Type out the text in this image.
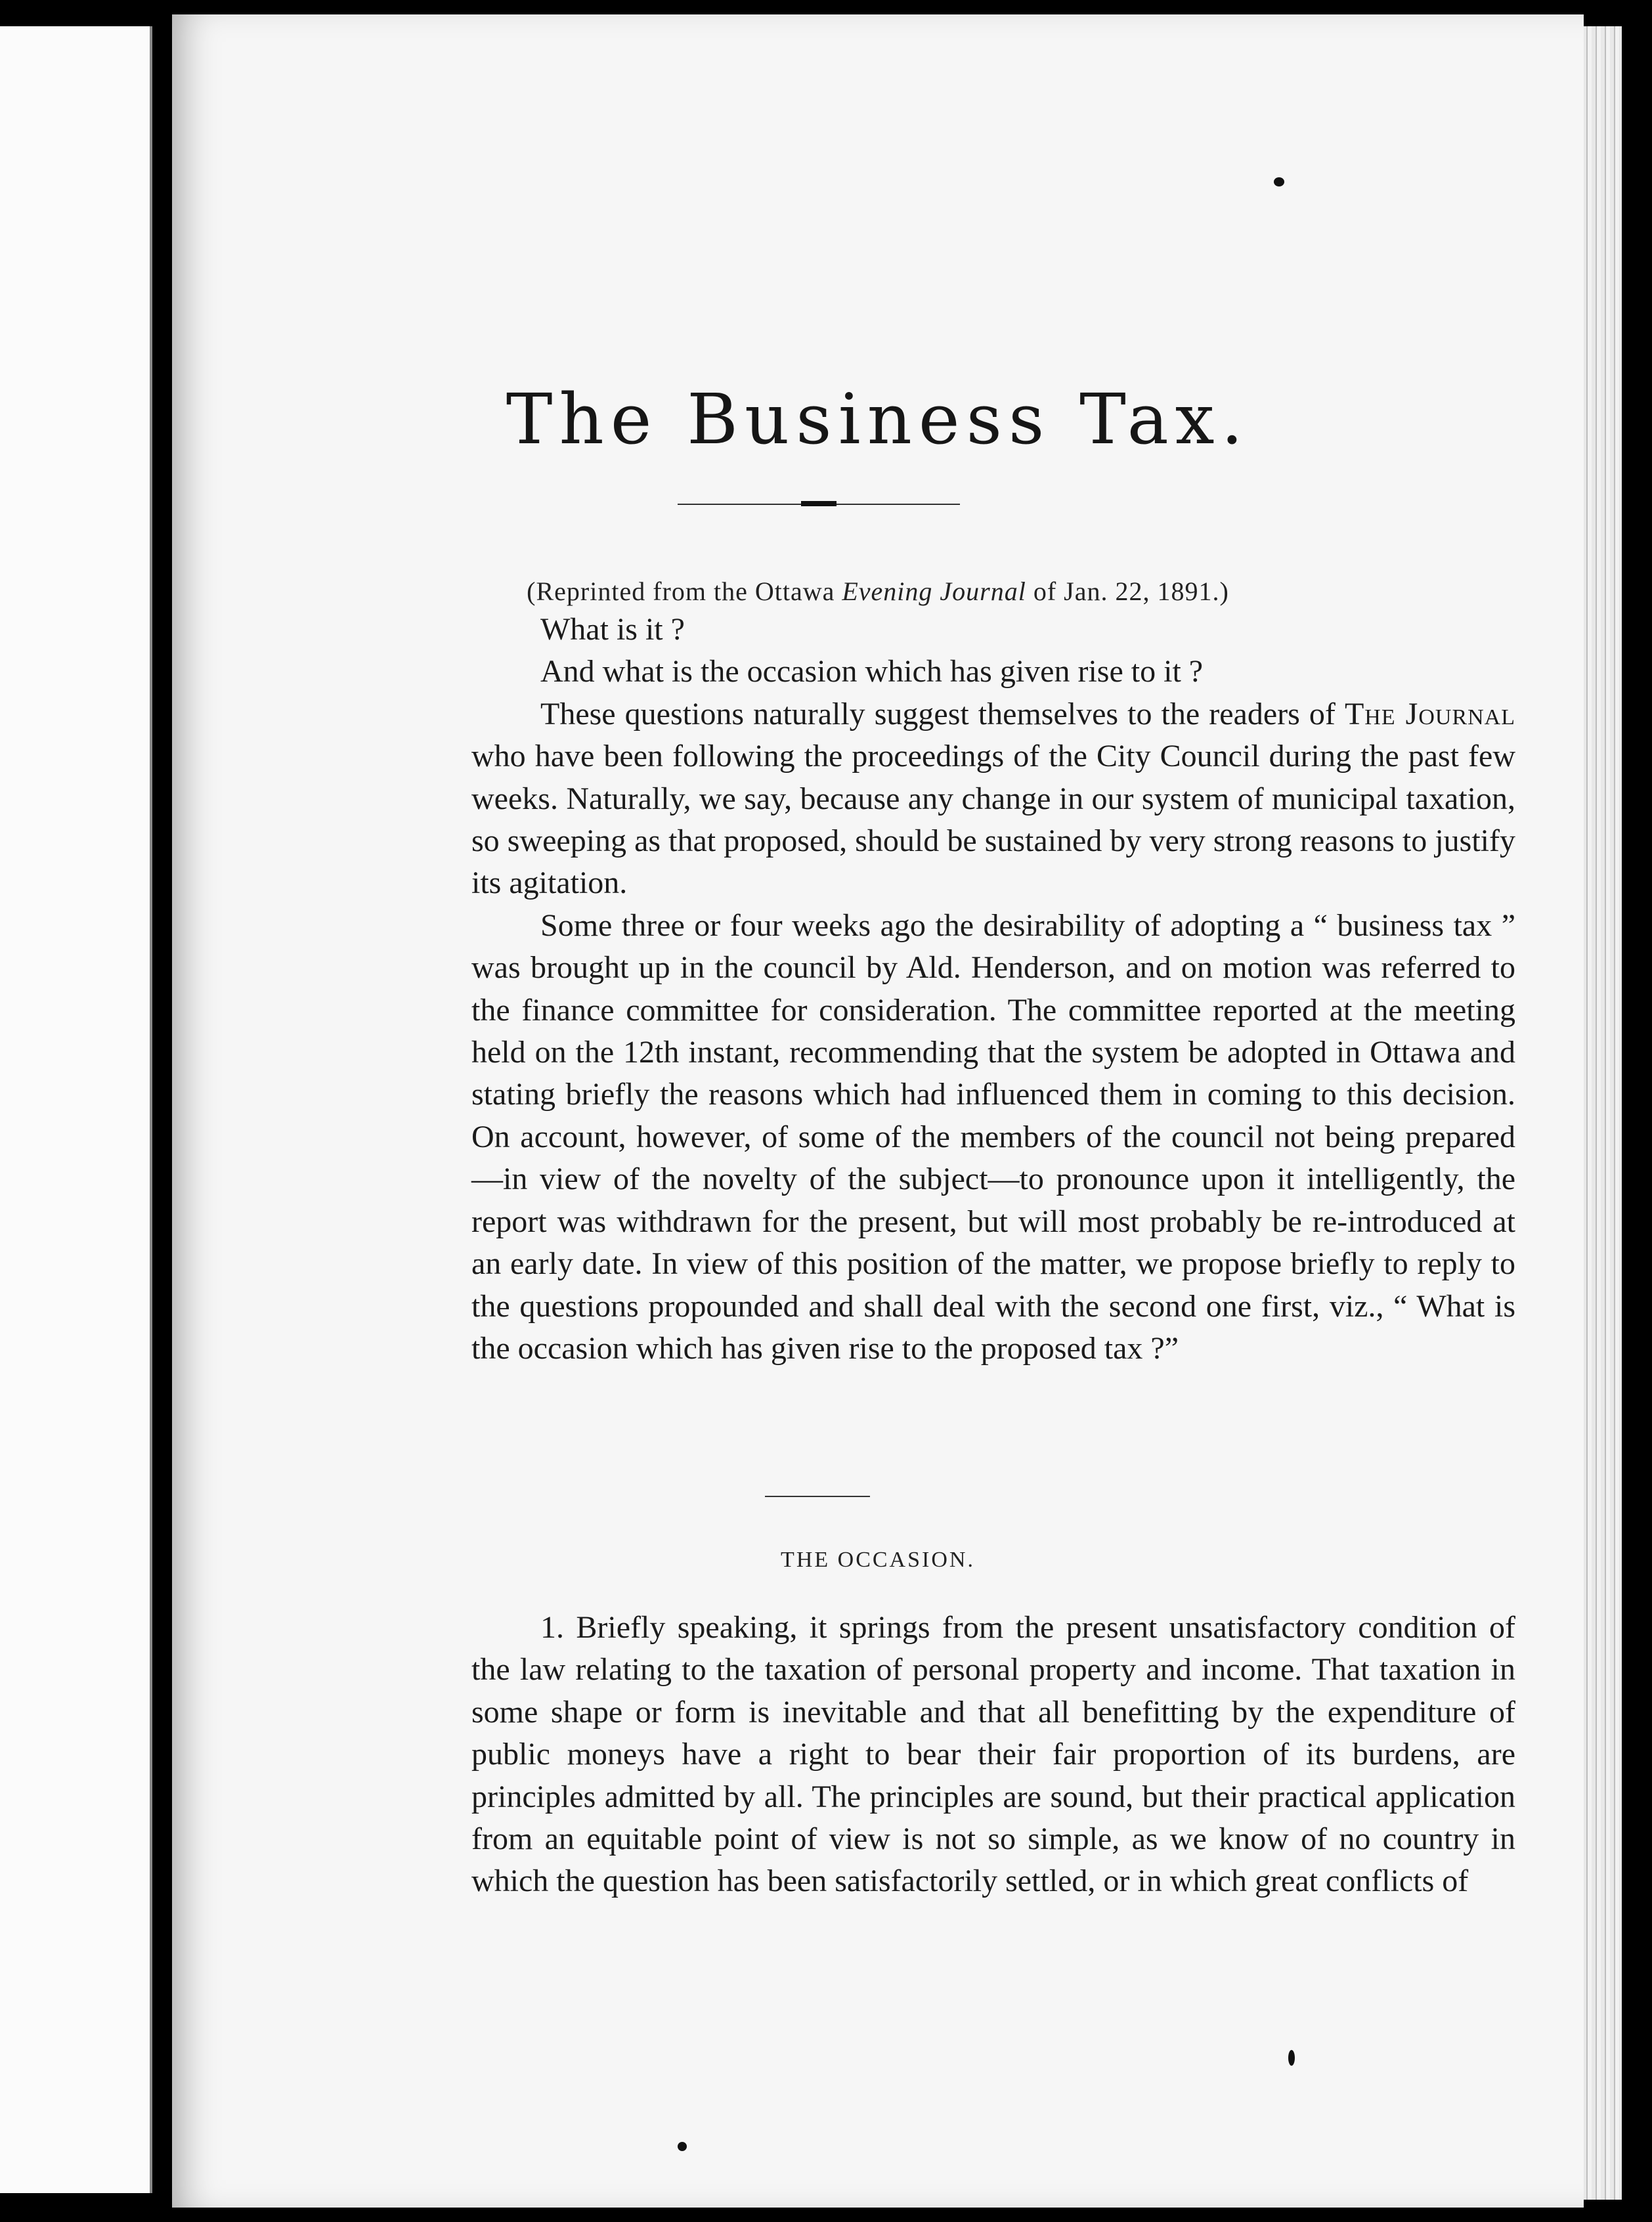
The Business Tax.
(Reprinted from the Ottawa Evening Journal of Jan. 22, 1891.)

What is it ?

And what is the occasion which has given rise to it ?

These questions naturally suggest themselves to the readers of The Journal who have been following the proceedings of the City Council during the past few weeks. Naturally, we say, because any change in our system of municipal taxation, so sweeping as that proposed, should be sustained by very strong reasons to justify its agitation.

Some three or four weeks ago the desirability of adopting a “ business tax ” was brought up in the council by Ald. Henderson, and on motion was referred to the finance committee for consideration. The committee reported at the meeting held on the 12th instant, recommending that the system be adopted in Ottawa and stating briefly the reasons which had influenced them in coming to this decision. On account, however, of some of the members of the council not being prepared—in view of the novelty of the subject—to pronounce upon it intelligently, the report was withdrawn for the present, but will most probably be re-introduced at an early date. In view of this position of the matter, we propose briefly to reply to the questions propounded and shall deal with the second one first, viz., “ What is the occasion which has given rise to the proposed tax ?”

THE OCCASION.

1. Briefly speaking, it springs from the present unsatisfactory condition of the law relating to the taxation of personal property and income. That taxation in some shape or form is inevitable and that all benefitting by the expenditure of public moneys have a right to bear their fair proportion of its burdens, are principles admitted by all. The principles are sound, but their practical application from an equitable point of view is not so simple, as we know of no country in which the question has been satisfactorily settled, or in which great conflicts of
